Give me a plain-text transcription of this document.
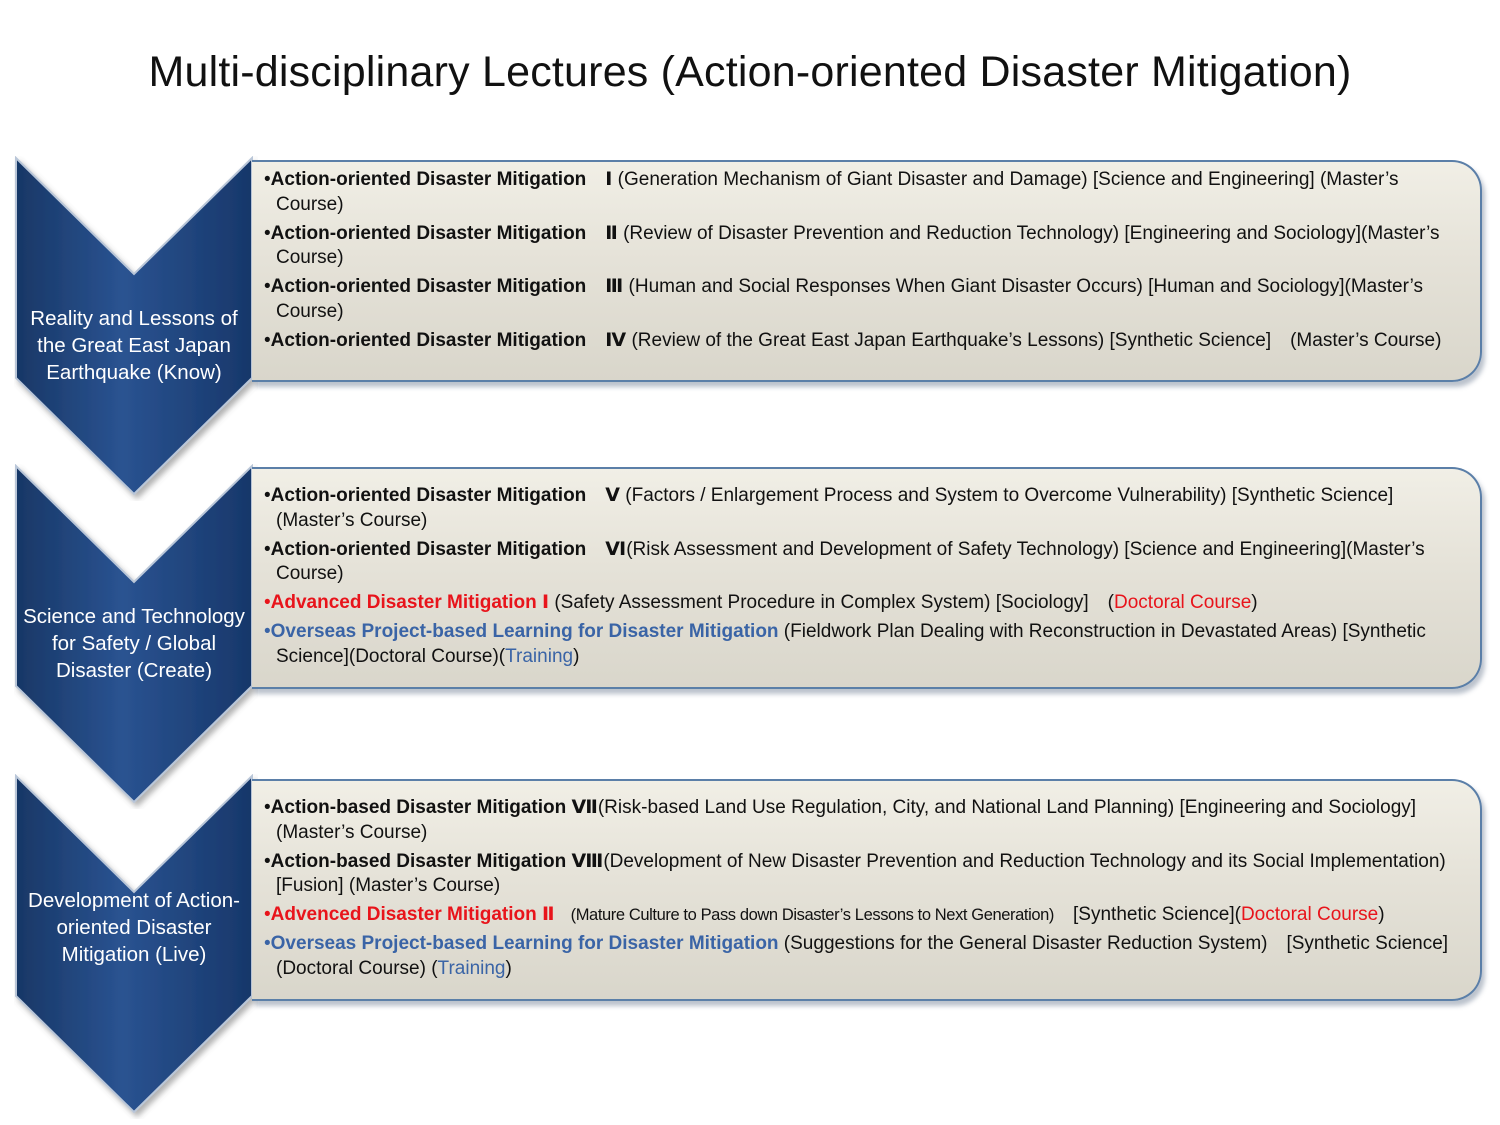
Multi-disciplinary Lectures (Action-oriented Disaster Mitigation)
Reality and Lessons of the Great East Japan Earthquake (Know)
•Action-oriented Disaster Mitigation　Ⅰ (Generation Mechanism of Giant Disaster and Damage) [Science and Engineering] (Master’s Course)
•Action-oriented Disaster Mitigation　Ⅱ (Review of Disaster Prevention and Reduction Technology) [Engineering and Sociology](Master’s Course)
•Action-oriented Disaster Mitigation　Ⅲ (Human and Social Responses When Giant Disaster Occurs) [Human and Sociology](Master’s Course)
•Action-oriented Disaster Mitigation　Ⅳ (Review of the Great East Japan Earthquake’s Lessons) [Synthetic Science]　(Master’s Course)
Science and Technology for Safety / Global Disaster (Create)
•Action-oriented Disaster Mitigation　Ⅴ (Factors / Enlargement Process and System to Overcome Vulnerability) [Synthetic Science](Master’s Course)
•Action-oriented Disaster Mitigation　Ⅵ(Risk Assessment and Development of Safety Technology) [Science and Engineering](Master’s Course)
•Advanced Disaster Mitigation Ⅰ (Safety Assessment Procedure in Complex System) [Sociology]　(Doctoral Course)
•Overseas Project-based Learning for Disaster Mitigation (Fieldwork Plan Dealing with Reconstruction in Devastated Areas) [Synthetic Science](Doctoral Course)(Training)
Development of Action-oriented Disaster Mitigation (Live)
•Action-based Disaster Mitigation Ⅶ(Risk-based Land Use Regulation, City, and National Land Planning) [Engineering and Sociology](Master’s Course)
•Action-based Disaster Mitigation Ⅷ(Development of New Disaster Prevention and Reduction Technology and its Social Implementation)[Fusion] (Master’s Course)
•Advenced Disaster Mitigation Ⅱ　(Mature Culture to Pass down Disaster’s Lessons to Next Generation)　[Synthetic Science](Doctoral Course)
•Overseas Project-based Learning for Disaster Mitigation (Suggestions for the General Disaster Reduction System)　[Synthetic Science] (Doctoral Course) (Training)
